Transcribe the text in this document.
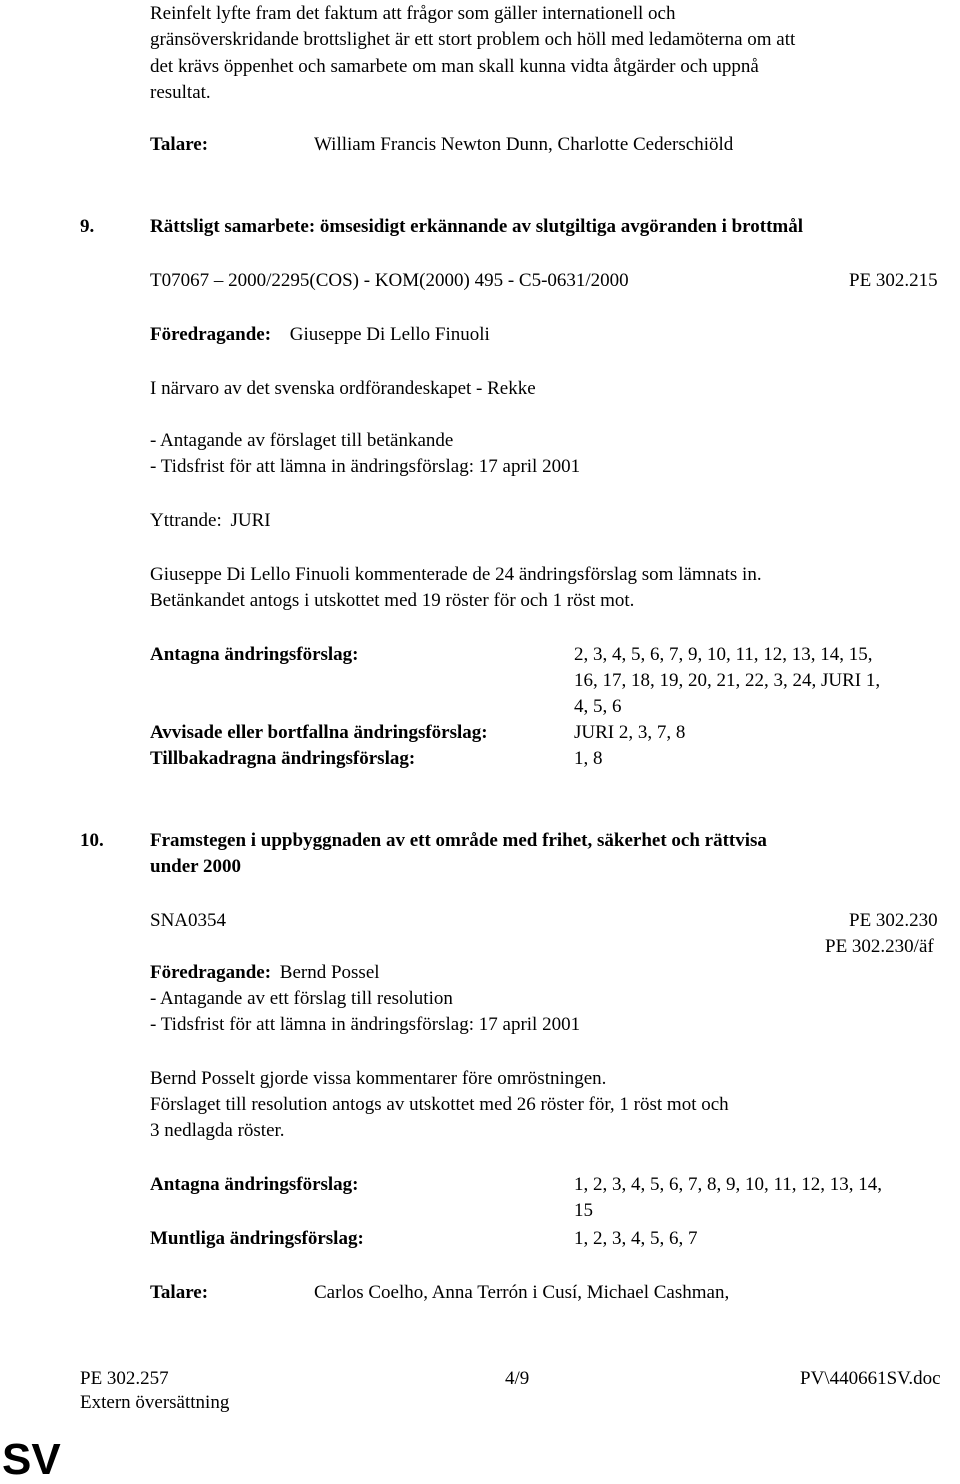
Reinfelt lyfte fram det faktum att frågor som gäller internationell och
gränsöverskridande brottslighet är ett stort problem och höll med ledamöterna om att
det krävs öppenhet och samarbete om man skall kunna vidta åtgärder och uppnå
resultat.
Talare:	William Francis Newton Dunn, Charlotte Cederschiöld
9.	Rättsligt samarbete: ömsesidigt erkännande av slutgiltiga avgöranden i brottmål
T07067 – 2000/2295(COS) - KOM(2000) 495 - C5-0631/2000	PE 302.215
Föredragande: Giuseppe Di Lello Finuoli
I närvaro av det svenska ordförandeskapet - Rekke
- Antagande av förslaget till betänkande
- Tidsfrist för att lämna in ändringsförslag: 17 april 2001
Yttrande: JURI
Giuseppe Di Lello Finuoli kommenterade de 24 ändringsförslag som lämnats in.
Betänkandet antogs i utskottet med 19 röster för och 1 röst mot.
Antagna ändringsförslag:	2, 3, 4, 5, 6, 7, 9, 10, 11, 12, 13, 14, 15,
16, 17, 18, 19, 20, 21, 22, 3, 24, JURI 1,
4, 5, 6
Avvisade eller bortfallna ändringsförslag:	JURI 2, 3, 7, 8
Tillbakadragna ändringsförslag:	1, 8
10. Framstegen i uppbyggnaden av ett område med frihet, säkerhet och rättvisa
under 2000
SNA0354	PE 302.230
PE 302.230/äf
Föredragande: Bernd Possel
- Antagande av ett förslag till resolution
- Tidsfrist för att lämna in ändringsförslag: 17 april 2001
Bernd Posselt gjorde vissa kommentarer före omröstningen.
Förslaget till resolution antogs av utskottet med 26 röster för, 1 röst mot och
3 nedlagda röster.
Antagna ändringsförslag:	1, 2, 3, 4, 5, 6, 7, 8, 9, 10, 11, 12, 13, 14,
15
Muntliga ändringsförslag:	1, 2, 3, 4, 5, 6, 7
Talare:	Carlos Coelho, Anna Terrón i Cusí, Michael Cashman,
PE 302.257	4/9	PV\440661SV.doc
Extern översättning
SV
